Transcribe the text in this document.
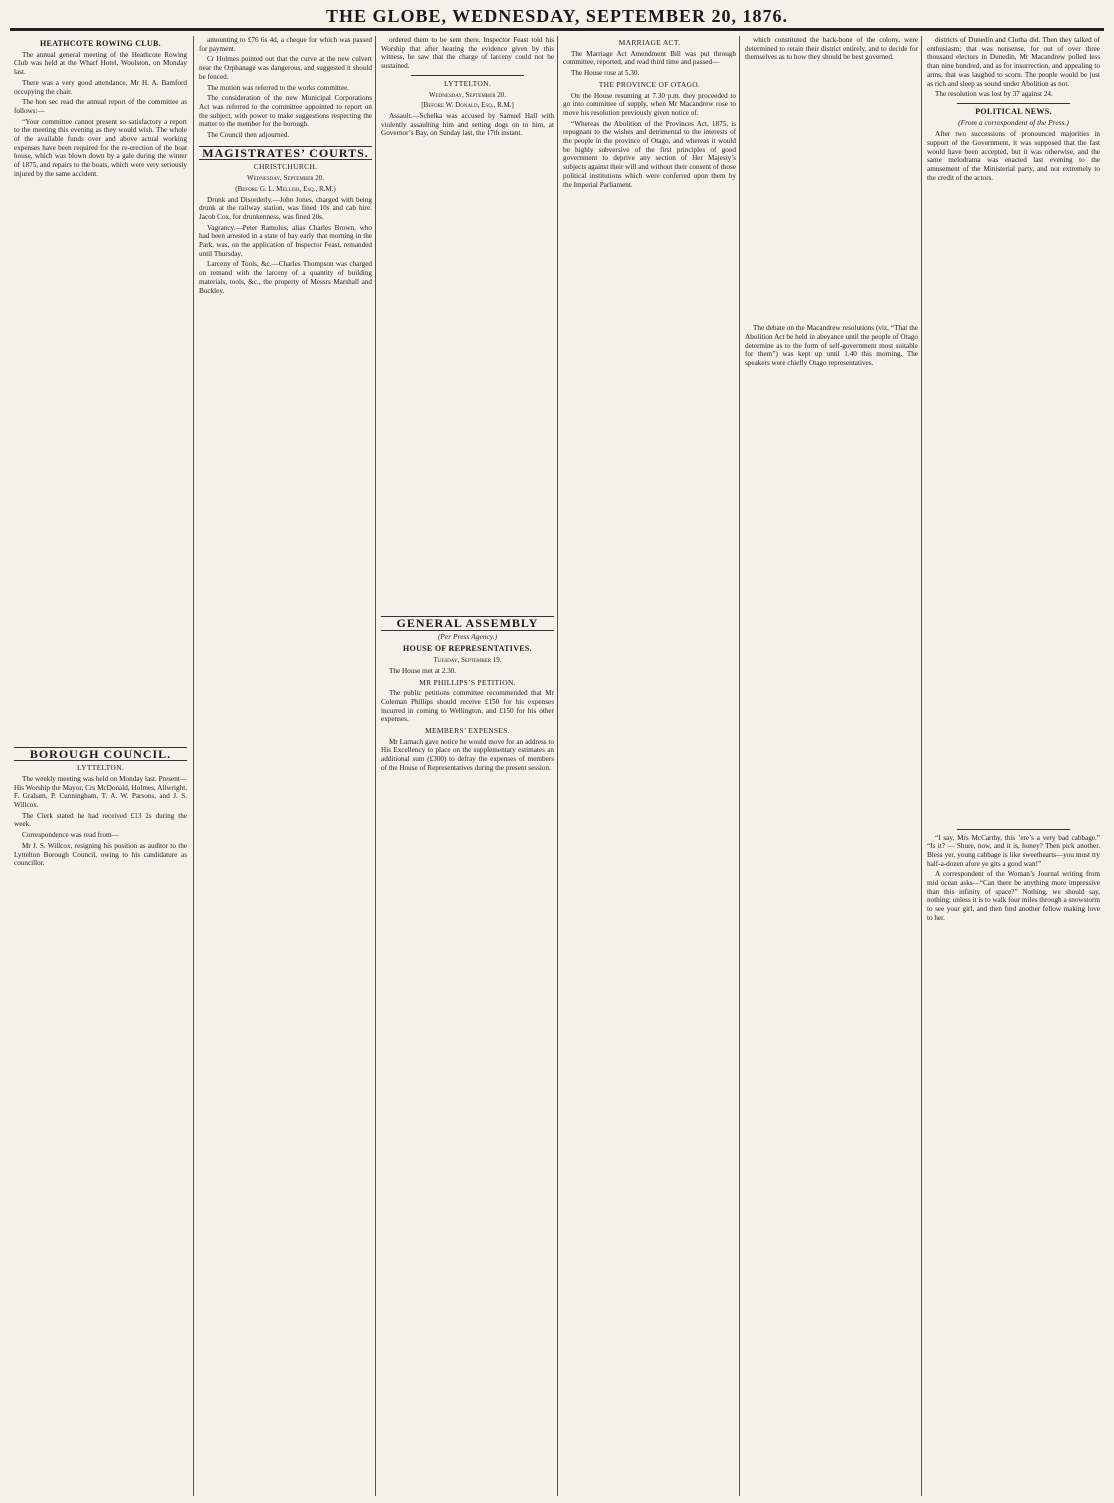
THE GLOBE, WEDNESDAY, SEPTEMBER 20, 1876.
HEATHCOTE ROWING CLUB.

The annual general meeting of the Heathcote Rowing Club was held at the Wharf Hotel, Woolston, on Monday last.

There was a very good attendance, Mr H. A. Bamford occupying the chair.

The hon sec read the annual report of the committee as follows:—

“Your committee cannot present so satisfactory a report to the meeting this evening as they would wish. The whole of the available funds over and above actual working expenses have been required for the re-erection of the boat house, which was blown down by a gale during the winter of 1875, and repairs to the boats, which were very seriously injured by the same accident.

BOROUGH COUNCIL.
LYTTELTON.

The weekly meeting was held on Monday last. Present—His Worship the Mayor, Crs McDonald, Holmes, Allwright, F. Graham, P. Cunningham, T. A. W. Parsons, and J. S. Willcox.

The Clerk stated he had received £13 2s during the week.

Correspondence was read from—

Mr J. S. Willcox, resigning his position as auditor to the Lyttelton Borough Council, owing to his candidature as councillor.

amounting to £76 6s 4d, a cheque for which was passed for payment.

Cr Holmes pointed out that the curve at the new culvert near the Orphanage was dangerous, and suggested it should be fenced.

The motion was referred to the works committee.

The consideration of the new Municipal Corporations Act was referred to the committee appointed to report on the subject, with power to make suggestions respecting the matter to the member for the borough.

The Council then adjourned.

MAGISTRATES’ COURTS.
CHRISTCHURCH.
Wednesday, September 20.
(Before G. L. Mellish, Esq., R.M.)

Drunk and Disorderly.—John Jones, charged with being drunk at the railway station, was fined 10s and cab hire. Jacob Cox, for drunkenness, was fined 20s.

Vagrancy.—Peter Ramolus, alias Charles Brown, who had been arrested in a state of hay early that morning in the Park, was, on the application of Inspector Feast, remanded until Thursday.

Larceny of Tools, &c.—Charles Thompson was charged on remand with the larceny of a quantity of building materials, tools, &c., the property of Messrs Marshall and Buckley.

ordered them to be sent there. Inspector Feast told his Worship that after hearing the evidence given by this witness, he saw that the charge of larceny could not be sustained.

LYTTELTON.
Wednesday, September 20.
[Before W. Donald, Esq., R.M.]

Assault.—Schelka was accused by Samuel Hall with violently assaulting him and setting dogs on to him, at Governor’s Bay, on Sunday last, the 17th instant.

GENERAL ASSEMBLY
(Per Press Agency.)
HOUSE OF REPRESENTATIVES.
Tuesday, September 19.

The House met at 2.30.

MR PHILLIPS’S PETITION.

The public petitions committee recommended that Mr Coleman Phillips should receive £150 for his expenses incurred in coming to Wellington, and £150 for his other expenses.

MEMBERS’ EXPENSES.

Mr Larnach gave notice he would move for an address to His Excellency to place on the supplementary estimates an additional sum (£300) to defray the expenses of members of the House of Representatives during the present session.

MARRIAGE ACT.

The Marriage Act Amendment Bill was put through committee, reported, and read third time and passed—

The House rose at 5.30.

THE PROVINCE OF OTAGO.

On the House resuming at 7.30 p.m. they proceeded to go into committee of supply, when Mr Macandrew rose to move his resolution previously given notice of.

“Whereas the Abolition of the Provinces Act, 1875, is repugnant to the wishes and detrimental to the interests of the people in the province of Otago, and whereas it would be highly subversive of the first principles of good government to deprive any section of Her Majesty’s subjects against their will and without their consent of those political institutions which were conferred upon them by the Imperial Parliament.

which constituted the back-bone of the colony, were determined to retain their district entirely, and to decide for themselves as to how they should be best governed.

The debate on the Macandrew resolutions (viz, “That the Abolition Act be held in abeyance until the people of Otago determine as to the form of self-government most suitable for them”) was kept up until 1.40 this morning. The speakers were chiefly Otago representatives.

districts of Dunedin and Clutha did. Then they talked of enthusiasm; that was nonsense, for out of over three thousand electors in Dunedin, Mr Macandrew polled less than nine hundred, and as for insurrection, and appealing to arms, that was laughed to scorn. The people would be just as rich and sleep as sound under Abolition as not.

The resolution was lost by 37 against 24.

POLITICAL NEWS.
(From a correspondent of the Press.)

After two successions of pronounced majorities in support of the Government, it was supposed that the fast would have been accepted, but it was otherwise, and the same melodrama was enacted last evening to the amusement of the Ministerial party, and not extremely to the credit of the actors.

“I say, Mrs McCarthy, this ’ere’s a very bad cabbage.” “Is it? — Shure, now, and it is, honey? Then pick another. Bless yer, young cabbage is like sweethearts—you must try half-a-dozen afore ye gits a good wan!”

A correspondent of the Woman’s Journal writing from mid ocean asks—“Can there be anything more impressive than this infinity of space?” Nothing, we should say, nothing; unless it is to walk four miles through a snowstorm to see your girl, and then find another fellow making love to her.
